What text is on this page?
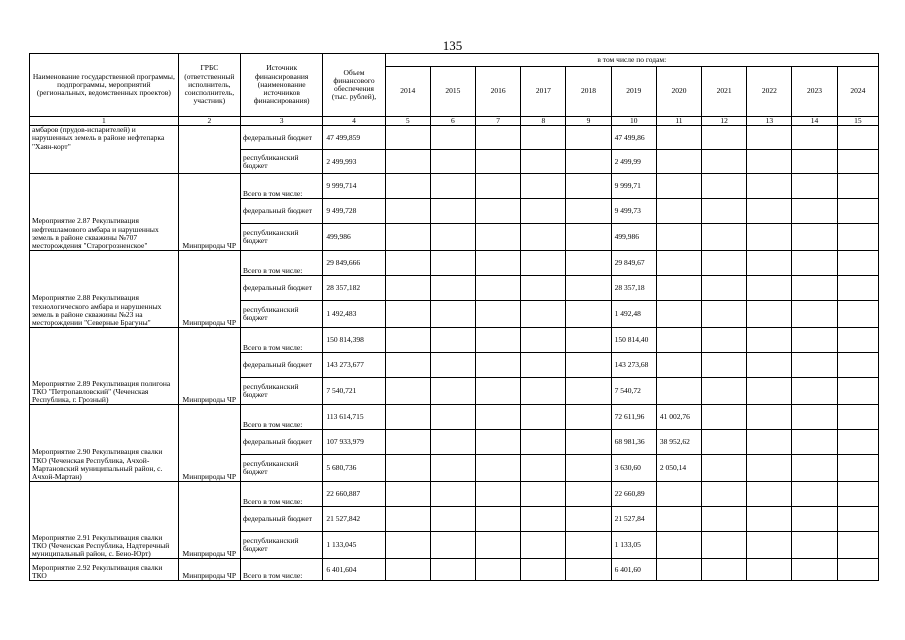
135
Наименование государственной программы, подпрограммы, мероприятий (региональных, ведомственных проектов)	ГРБС (ответственный исполнитель, соисполнитель, участник)	Источник финансирования (наименование источников финансирования)	Объем финансового обеспечения (тыс. рублей),	в том числе по годам:										
				2014	2015	2016	2017	2018	2019	2020	2021	2022	2023	2024
1	2	3	4	5	6	7	8	9	10	11	12	13	14	15
амбаров (прудов-испарителей) и нарушенных земель в районе нефтепарка "Хаян-корт"		федеральный бюджет	47 499,859						47 499,86					
		республиканский бюджет	2 499,993						2 499,99					
Мероприятие 2.87 Рекультивация нефтешламового амбара и нарушенных земель в районе скважины №707 месторождения "Старогрозненское"	Минприроды ЧР	Всего в том числе:	9 999,714						9 999,71					
		федеральный бюджет	9 499,728						9 499,73					
		республиканский бюджет	499,986						499,986					
Мероприятие 2.88 Рекультивация технологического амбара и нарушенных земель в районе скважины №23 на месторождении "Северные Брагуны"	Минприроды ЧР	Всего в том числе:	29 849,666						29 849,67					
		федеральный бюджет	28 357,182						28 357,18					
		республиканский бюджет	1 492,483						1 492,48					
Мероприятие 2.89 Рекультивация полигона ТКО "Петропавловский" (Чеченская Республика, г. Грозный)	Минприроды ЧР	Всего в том числе:	150 814,398						150 814,40					
		федеральный бюджет	143 273,677						143 273,68					
		республиканский бюджет	7 540,721						7 540,72					
Мероприятие 2.90 Рекультивация свалки ТКО (Чеченская Республика, Ачхой-Мартановский муниципальный район, с. Ачхой-Мартан)	Минприроды ЧР	Всего в том числе:	113 614,715						72 611,96	41 002,76				
		федеральный бюджет	107 933,979						68 981,36	38 952,62				
		республиканский бюджет	5 680,736						3 630,60	2 050,14				
Мероприятие 2.91 Рекультивация свалки ТКО (Чеченская Республика, Надтеречный муниципальный район, с. Бено-Юрт)	Минприроды ЧР	Всего в том числе:	22 660,887						22 660,89					
		федеральный бюджет	21 527,842						21 527,84					
		республиканский бюджет	1 133,045						1 133,05					
Мероприятие 2.92 Рекультивация свалки ТКО	Минприроды ЧР	Всего в том числе:	6 401,604						6 401,60					
